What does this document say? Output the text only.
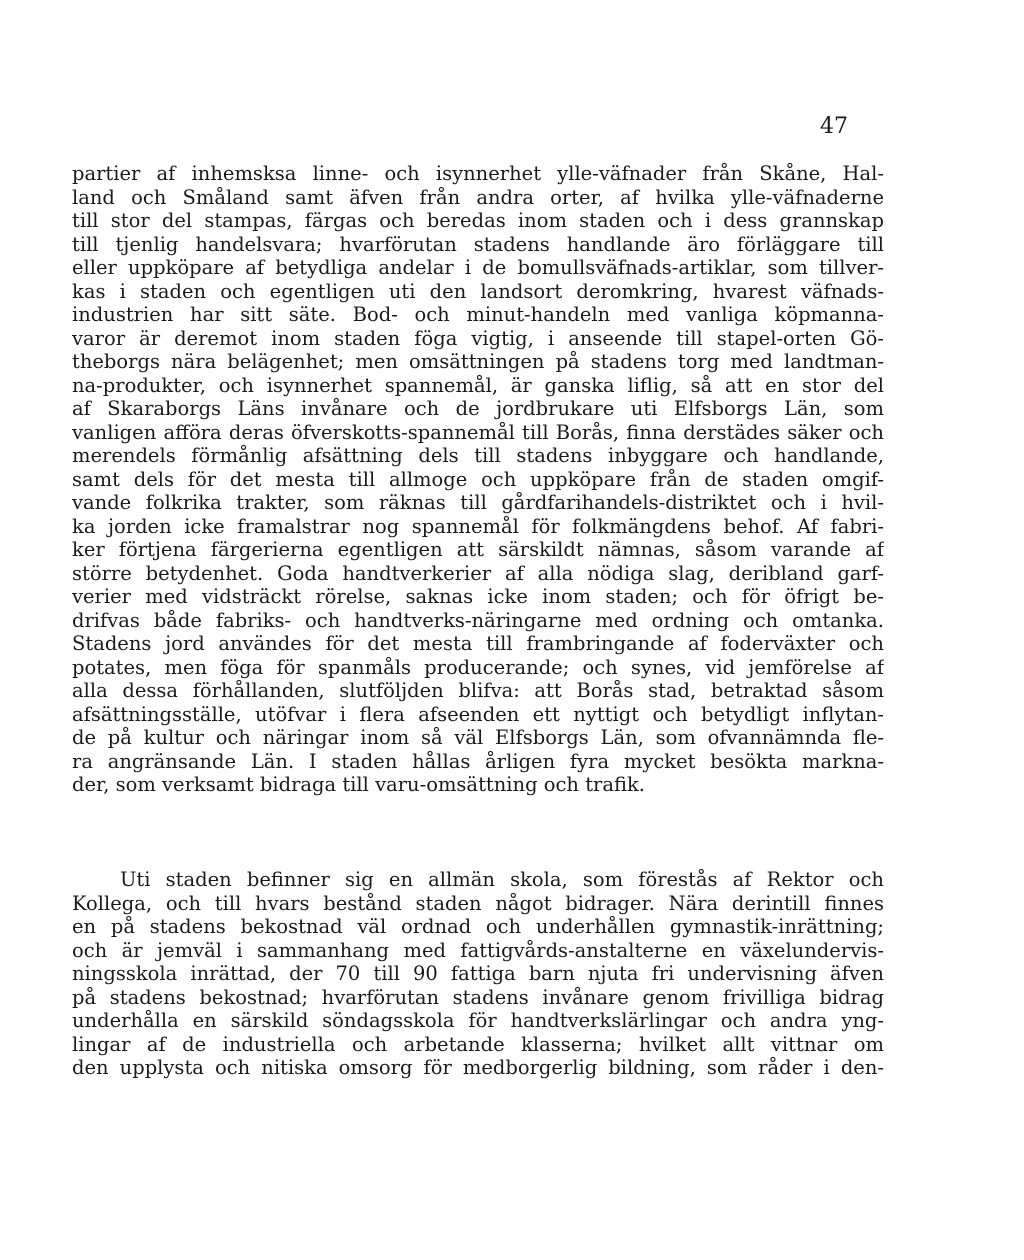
47
partier af inhemsksa linne- och isynnerhet ylle-väfnader från Skåne, Hal-
land och Småland samt äfven från andra orter, af hvilka ylle-väfnaderne
till stor del stampas, färgas och beredas inom staden och i dess grannskap
till tjenlig handelsvara; hvarförutan stadens handlande äro förläggare till
eller uppköpare af betydliga andelar i de bomullsväfnads-artiklar, som tillver-
kas i staden och egentligen uti den landsort deromkring, hvarest väfnads-
industrien har sitt säte. Bod- och minut-handeln med vanliga köpmanna-
varor är deremot inom staden föga vigtig, i anseende till stapel-orten Gö-
theborgs nära belägenhet; men omsättningen på stadens torg med landtman-
na-produkter, och isynnerhet spannemål, är ganska liflig, så att en stor del
af Skaraborgs Läns invånare och de jordbrukare uti Elfsborgs Län, som
vanligen afföra deras öfverskotts-spannemål till Borås, finna derstädes säker och
merendels förmånlig afsättning dels till stadens inbyggare och handlande,
samt dels för det mesta till allmoge och uppköpare från de staden omgif-
vande folkrika trakter, som räknas till gårdfarihandels-distriktet och i hvil-
ka jorden icke framalstrar nog spannemål för folkmängdens behof. Af fabri-
ker förtjena färgerierna egentligen att särskildt nämnas, såsom varande af
större betydenhet. Goda handtverkerier af alla nödiga slag, deribland garf-
verier med vidsträckt rörelse, saknas icke inom staden; och för öfrigt be-
drifvas både fabriks- och handtverks-näringarne med ordning och omtanka.
Stadens jord användes för det mesta till frambringande af foderväxter och
potates, men föga för spanmåls producerande; och synes, vid jemförelse af
alla dessa förhållanden, slutföljden blifva: att Borås stad, betraktad såsom
afsättningsställe, utöfvar i flera afseenden ett nyttigt och betydligt inflytan-
de på kultur och näringar inom så väl Elfsborgs Län, som ofvannämnda fle-
ra angränsande Län. I staden hållas årligen fyra mycket besökta markna-
der, som verksamt bidraga till varu-omsättning och trafik.
Uti staden befinner sig en allmän skola, som förestås af Rektor och
Kollega, och till hvars bestånd staden något bidrager. Nära derintill finnes
en på stadens bekostnad väl ordnad och underhållen gymnastik-inrättning;
och är jemväl i sammanhang med fattigvårds-anstalterne en växelundervis-
ningsskola inrättad, der 70 till 90 fattiga barn njuta fri undervisning äfven
på stadens bekostnad; hvarförutan stadens invånare genom frivilliga bidrag
underhålla en särskild söndagsskola för handtverkslärlingar och andra yng-
lingar af de industriella och arbetande klasserna; hvilket allt vittnar om
den upplysta och nitiska omsorg för medborgerlig bildning, som råder i den-
